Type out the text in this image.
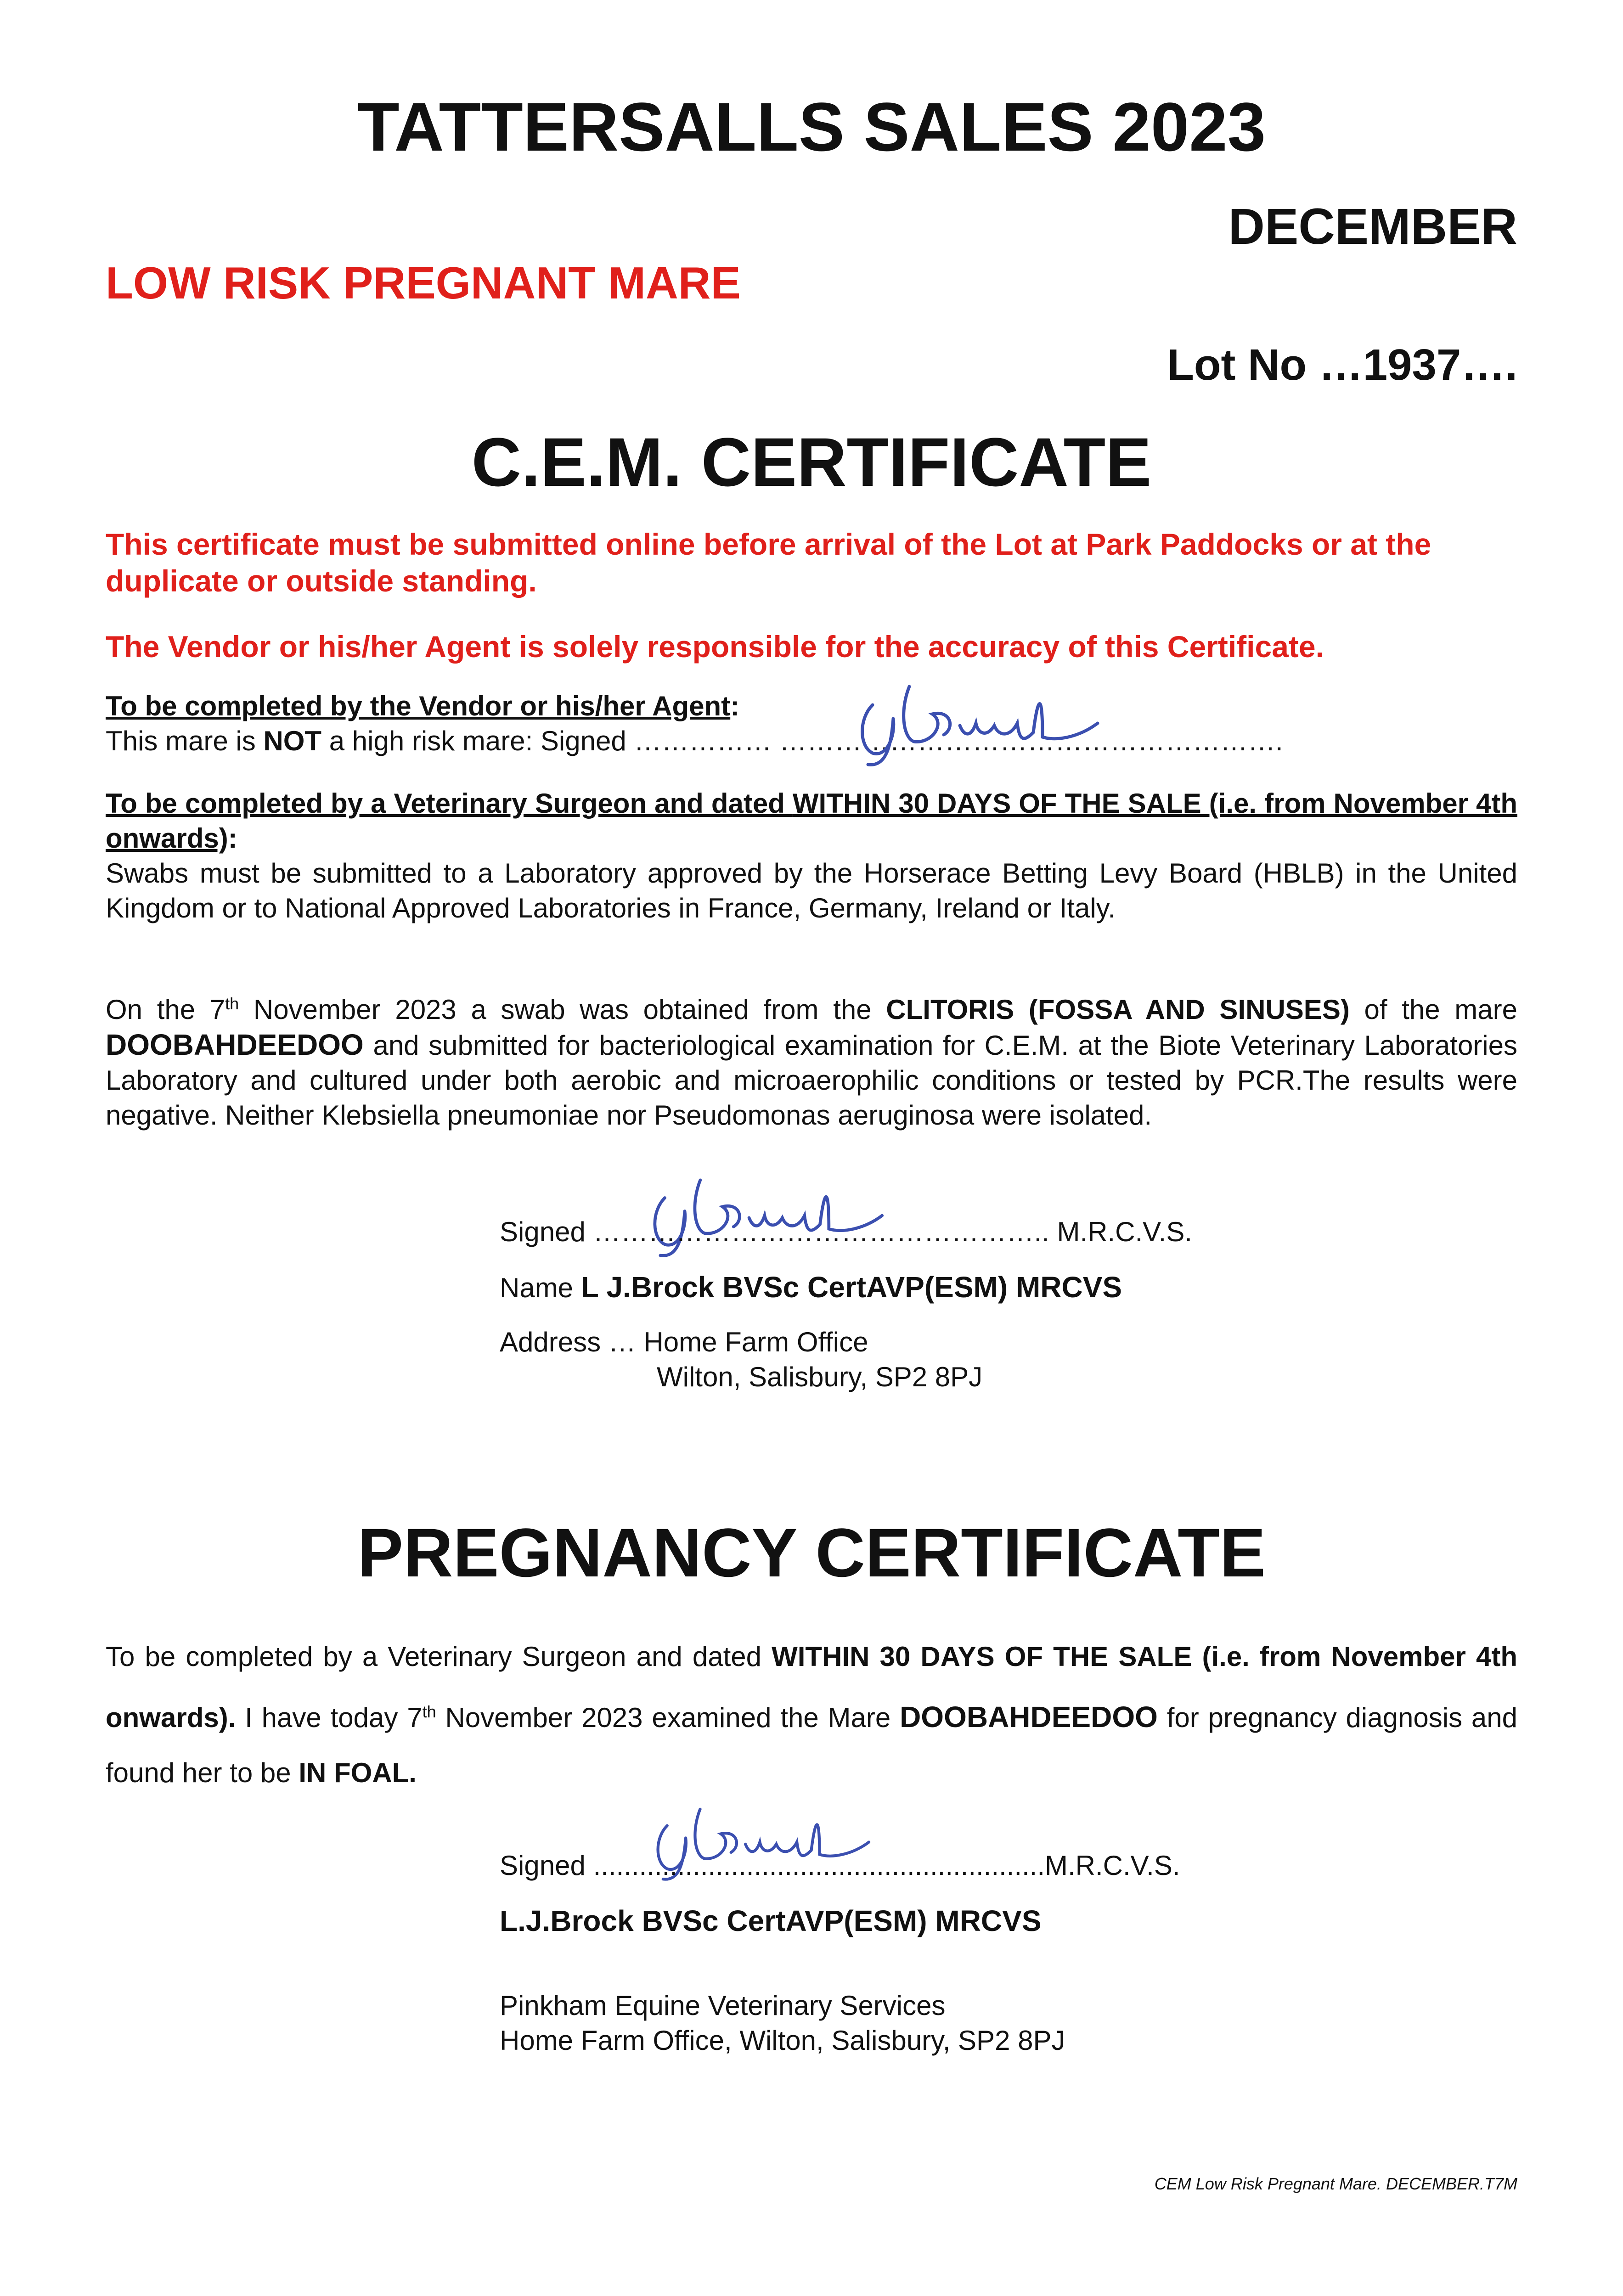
TATTERSALLS SALES 2023
DECEMBER
LOW RISK PREGNANT MARE
Lot No …1937….
C.E.M. CERTIFICATE
This certificate must be submitted online before arrival of the Lot at Park Paddocks or at the duplicate or outside standing.
The Vendor or his/her Agent is solely responsible for the accuracy of this Certificate.
To be completed by the Vendor or his/her Agent:
This mare is NOT a high risk mare: Signed …………… ……………………………………………….
To be completed by a Veterinary Surgeon and dated WITHIN 30 DAYS OF THE SALE (i.e. from November 4th onwards):
Swabs must be submitted to a Laboratory approved by the Horserace Betting Levy Board (HBLB) in the United Kingdom or to National Approved Laboratories in France, Germany, Ireland or Italy.
On the 7th November 2023 a swab was obtained from the CLITORIS (FOSSA AND SINUSES) of the mare DOOBAHDEEDOO and submitted for bacteriological examination for C.E.M. at the Biote Veterinary Laboratories Laboratory and cultured under both aerobic and microaerophilic conditions or tested by PCR.The results were negative. Neither Klebsiella pneumoniae nor Pseudomonas aeruginosa were isolated.
Signed ………………………………………….. M.R.C.V.S.
Name L J.Brock BVSc CertAVP(ESM) MRCVS
Address … Home Farm Office
Wilton, Salisbury, SP2 8PJ
PREGNANCY CERTIFICATE
To be completed by a Veterinary Surgeon and dated WITHIN 30 DAYS OF THE SALE (i.e. from November 4th onwards). I have today 7th November 2023 examined the Mare DOOBAHDEEDOO for pregnancy diagnosis and found her to be IN FOAL.
Signed ...........................................................M.R.C.V.S.
L.J.Brock BVSc CertAVP(ESM) MRCVS
Pinkham Equine Veterinary Services
Home Farm Office, Wilton, Salisbury, SP2 8PJ
CEM Low Risk Pregnant Mare. DECEMBER.T7M
